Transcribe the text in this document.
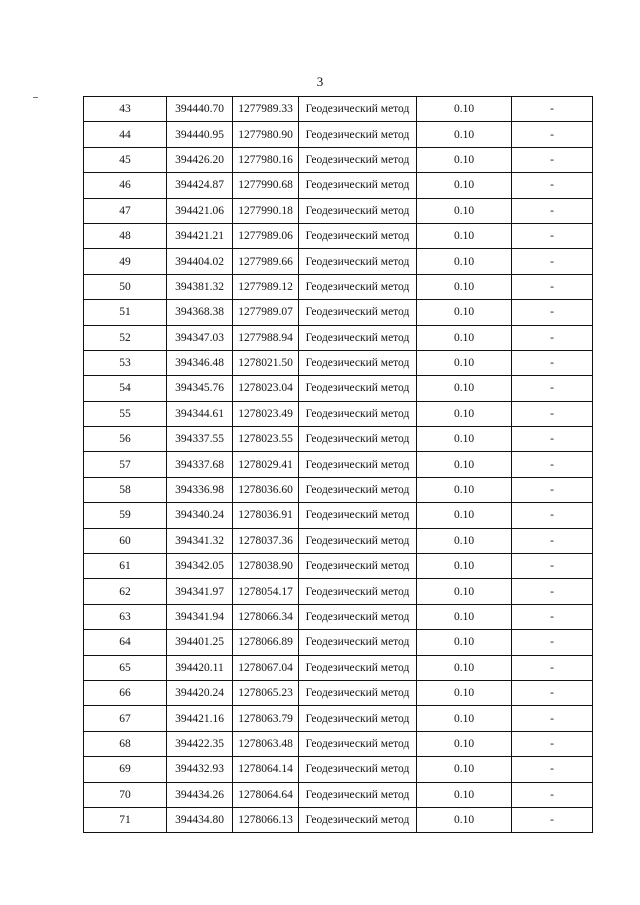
3
43	394440.70	1277989.33	Геодезический метод	0.10	-
44	394440.95	1277980.90	Геодезический метод	0.10	-
45	394426.20	1277980.16	Геодезический метод	0.10	-
46	394424.87	1277990.68	Геодезический метод	0.10	-
47	394421.06	1277990.18	Геодезический метод	0.10	-
48	394421.21	1277989.06	Геодезический метод	0.10	-
49	394404.02	1277989.66	Геодезический метод	0.10	-
50	394381.32	1277989.12	Геодезический метод	0.10	-
51	394368.38	1277989.07	Геодезический метод	0.10	-
52	394347.03	1277988.94	Геодезический метод	0.10	-
53	394346.48	1278021.50	Геодезический метод	0.10	-
54	394345.76	1278023.04	Геодезический метод	0.10	-
55	394344.61	1278023.49	Геодезический метод	0.10	-
56	394337.55	1278023.55	Геодезический метод	0.10	-
57	394337.68	1278029.41	Геодезический метод	0.10	-
58	394336.98	1278036.60	Геодезический метод	0.10	-
59	394340.24	1278036.91	Геодезический метод	0.10	-
60	394341.32	1278037.36	Геодезический метод	0.10	-
61	394342.05	1278038.90	Геодезический метод	0.10	-
62	394341.97	1278054.17	Геодезический метод	0.10	-
63	394341.94	1278066.34	Геодезический метод	0.10	-
64	394401.25	1278066.89	Геодезический метод	0.10	-
65	394420.11	1278067.04	Геодезический метод	0.10	-
66	394420.24	1278065.23	Геодезический метод	0.10	-
67	394421.16	1278063.79	Геодезический метод	0.10	-
68	394422.35	1278063.48	Геодезический метод	0.10	-
69	394432.93	1278064.14	Геодезический метод	0.10	-
70	394434.26	1278064.64	Геодезический метод	0.10	-
71	394434.80	1278066.13	Геодезический метод	0.10	-
